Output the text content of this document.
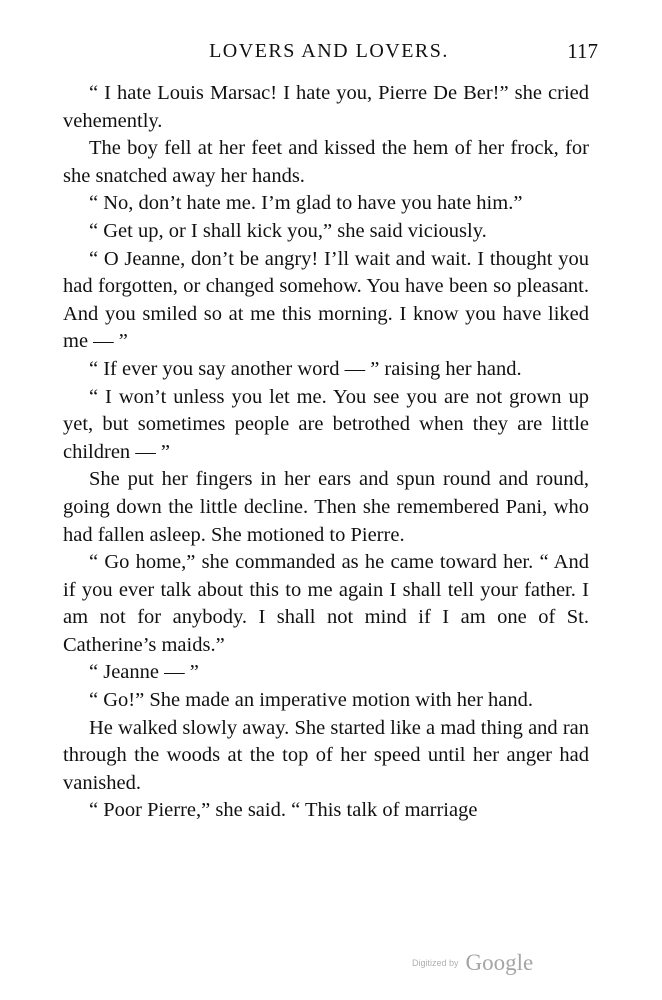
LOVERS AND LOVERS.	117

“ I hate Louis Marsac! I hate you, Pierre De Ber!” she cried vehemently.

The boy fell at her feet and kissed the hem of her frock, for she snatched away her hands.

“ No, don’t hate me. I’m glad to have you hate him.”

“ Get up, or I shall kick you,” she said viciously.

“ O Jeanne, don’t be angry! I’ll wait and wait. I thought you had forgotten, or changed somehow. You have been so pleasant. And you smiled so at me this morning. I know you have liked me — ”

“ If ever you say another word — ” raising her hand.

“ I won’t unless you let me. You see you are not grown up yet, but sometimes people are betrothed when they are little children — ”

She put her fingers in her ears and spun round and round, going down the little decline. Then she remembered Pani, who had fallen asleep. She motioned to Pierre.

“ Go home,” she commanded as he came toward her. “ And if you ever talk about this to me again I shall tell your father. I am not for anybody. I shall not mind if I am one of St. Catherine’s maids.”

“ Jeanne — ”

“ Go!” She made an imperative motion with her hand.

He walked slowly away. She started like a mad thing and ran through the woods at the top of her speed until her anger had vanished.

“ Poor Pierre,” she said. “ This talk of marriage

Digitized by Google
